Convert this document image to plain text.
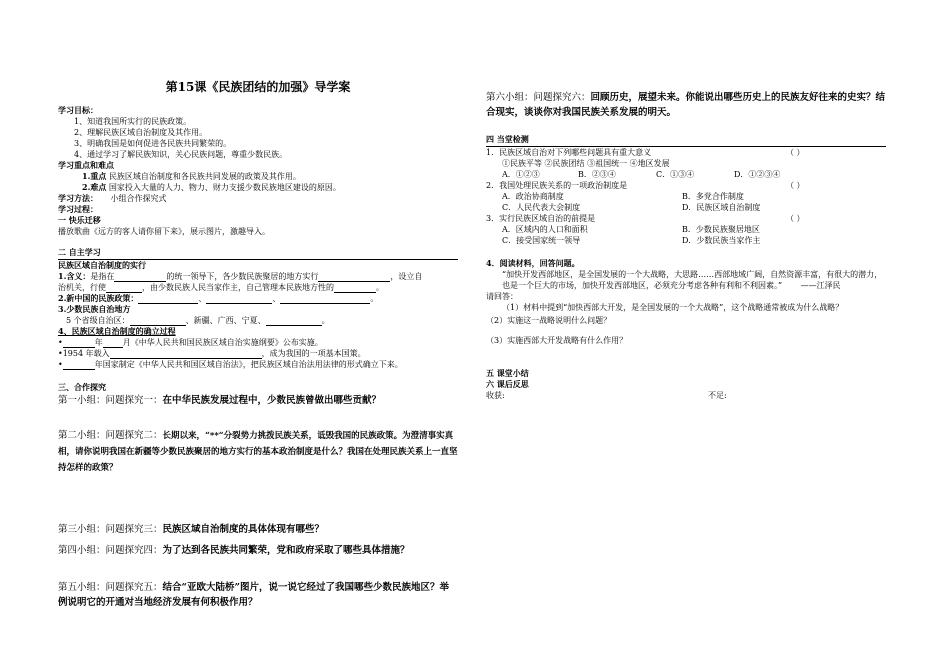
第15课《民族团结的加强》导学案
学习目标：
1、知道我国所实行的民族政策。
2、理解民族区域自治制度及其作用。
3、明确我国是如何促进各民族共同繁荣的。
4、通过学习了解民族知识，关心民族问题，尊重少数民族。
学习重点和难点
1.重点 民族区域自治制度和各民族共同发展的政策及其作用。
2.难点 国家投入大量的人力、物力、财力支援少数民族地区建设的原因。
学习方法： 小组合作探究式
学习过程：
一 快乐迁移
播放歌曲《远方的客人请你留下来》，展示图片，激趣导入。
二 自主学习
民族区域自治制度的实行
1.含义：是指在	的统一领导下，各少数民族聚居的地方实行	，设立自
治机关，行使	，由少数民族人民当家作主，自己管理本民族地方性的	。
2.新中国的民族政策：	、	、	。
3.少数民族自治地方
5 个省级自治区：	、新疆、广西、宁夏、	。
4、民族区域自治制度的确立过程
•	年	月《中华人民共和国民族区域自治实施纲要》公布实施。
•1954 年载入	，成为我国的一项基本国策。
•	年国家制定《中华人民共和国区域自治法》，把民族区域自治法用法律的形式确立下来。
三、合作探究
第一小组：问题探究一：在中华民族发展过程中，少数民族曾做出哪些贡献？
第二小组：问题探究二：长期以来，“**“分裂势力挑拨民族关系，诋毁我国的民族政策。为澄清事实真相，请你说明我国在新疆等少数民族聚居的地方实行的基本政治制度是什么？我国在处理民族关系上一直坚持怎样的政策？
第三小组：问题探究三：民族区域自治制度的具体体现有哪些？
第四小组：问题探究四：为了达到各民族共同繁荣，党和政府采取了哪些具体措施？
第五小组：问题探究五：结合“亚欧大陆桥”图片，说一说它经过了我国哪些少数民族地区？举例说明它的开通对当地经济发展有何积极作用？
第六小组：问题探究六：回顾历史，展望未来。你能说出哪些历史上的民族友好往来的史实？结合现实，谈谈你对我国民族关系发展的明天。
四 当堂检测
1．民族区域自治对下列哪些问题具有重大意义	（ ）
①民族平等 ②民族团结 ③祖国统一 ④地区发展
A．①②③	B．②③④	C．①③④	D．①②③④
2．我国处理民族关系的一项政治制度是	（ ）
A．政治协商制度	B．多党合作制度
C．人民代表大会制度	D．民族区域自治制度
3．实行民族区域自治的前提是	（ ）
A．区域内的人口和面积	B．少数民族聚居地区
C．接受国家统一领导	D．少数民族当家作主
4．阅读材料，回答问题。
“加快开发西部地区，是全国发展的一个大战略，大思路……西部地域广阔，自然资源丰富，有很大的潜力，也是一个巨大的市场，加快开发西部地区，必须充分考虑各种有利和不利因素。” ——江泽民
请回答：
（1）材料中提到“加快西部大开发，是全国发展的一个大战略”，这个战略通常被成为什么战略？
（2）实施这一战略说明什么问题？
（3）实施西部大开发战略有什么作用？
五 课堂小结
六 课后反思
收获:	不足:
